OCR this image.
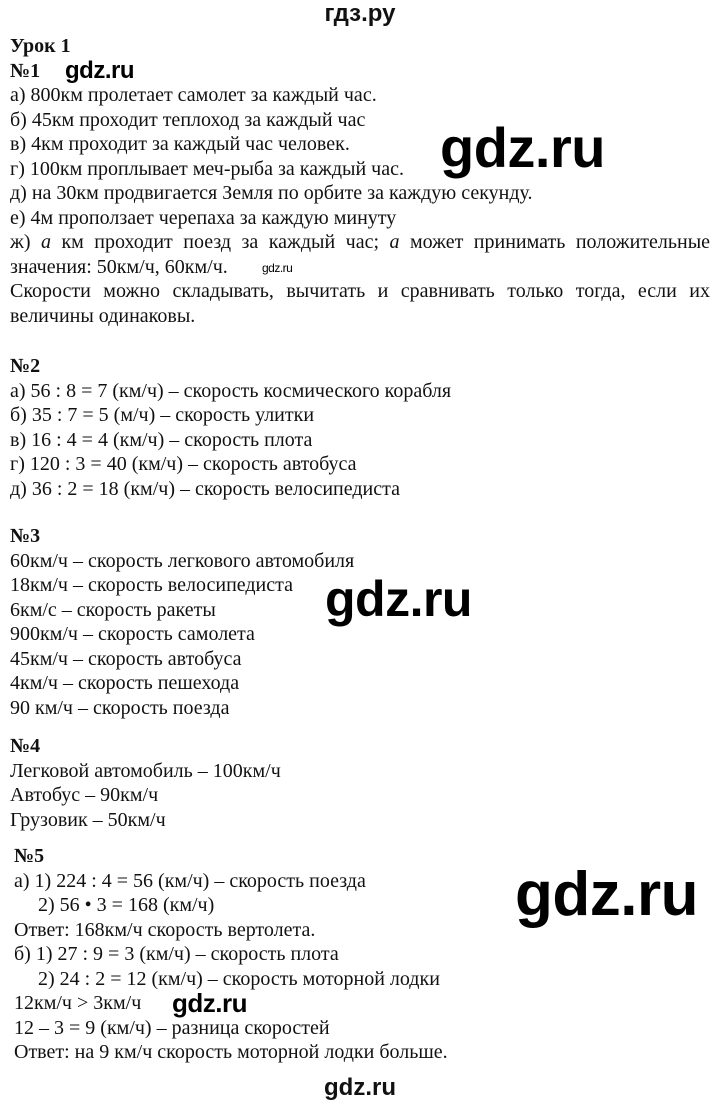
гдз.ру
Урок 1
№1
а) 800км пролетает самолет за каждый час.
б) 45км проходит теплоход за каждый час
в) 4км проходит за каждый час человек.
г) 100км проплывает меч-рыба за каждый час.
д) на 30км продвигается Земля по орбите за каждую секунду.
е) 4м проползает черепаха за каждую минуту
ж) a км проходит поезд за каждый час; a может принимать положительные
значения: 50км/ч, 60км/ч.
Скорости можно складывать, вычитать и сравнивать только тогда, если их
величины одинаковы.
№2
а) 56 : 8 = 7 (км/ч) – скорость космического корабля
б) 35 : 7 = 5 (м/ч) – скорость улитки
в) 16 : 4 = 4 (км/ч) – скорость плота
г) 120 : 3 = 40 (км/ч) – скорость автобуса
д) 36 : 2 = 18 (км/ч) – скорость велосипедиста
№3
60км/ч – скорость легкового автомобиля
18км/ч – скорость велосипедиста
6км/с – скорость ракеты
900км/ч – скорость самолета
45км/ч – скорость автобуса
4км/ч – скорость пешехода
90 км/ч – скорость поезда
№4
Легковой автомобиль – 100км/ч
Автобус – 90км/ч
Грузовик – 50км/ч
№5
а) 1) 224 : 4 = 56 (км/ч) – скорость поезда
2) 56 • 3 = 168 (км/ч)
Ответ: 168км/ч скорость вертолета.
б) 1) 27 : 9 = 3 (км/ч) – скорость плота
2) 24 : 2 = 12 (км/ч) – скорость моторной лодки
12км/ч > 3км/ч
12 – 3 = 9 (км/ч) – разница скоростей
Ответ: на 9 км/ч скорость моторной лодки больше.
gdz.ru
gdz.ru
gdz.ru
gdz.ru
gdz.ru
gdz.ru
gdz.ru
